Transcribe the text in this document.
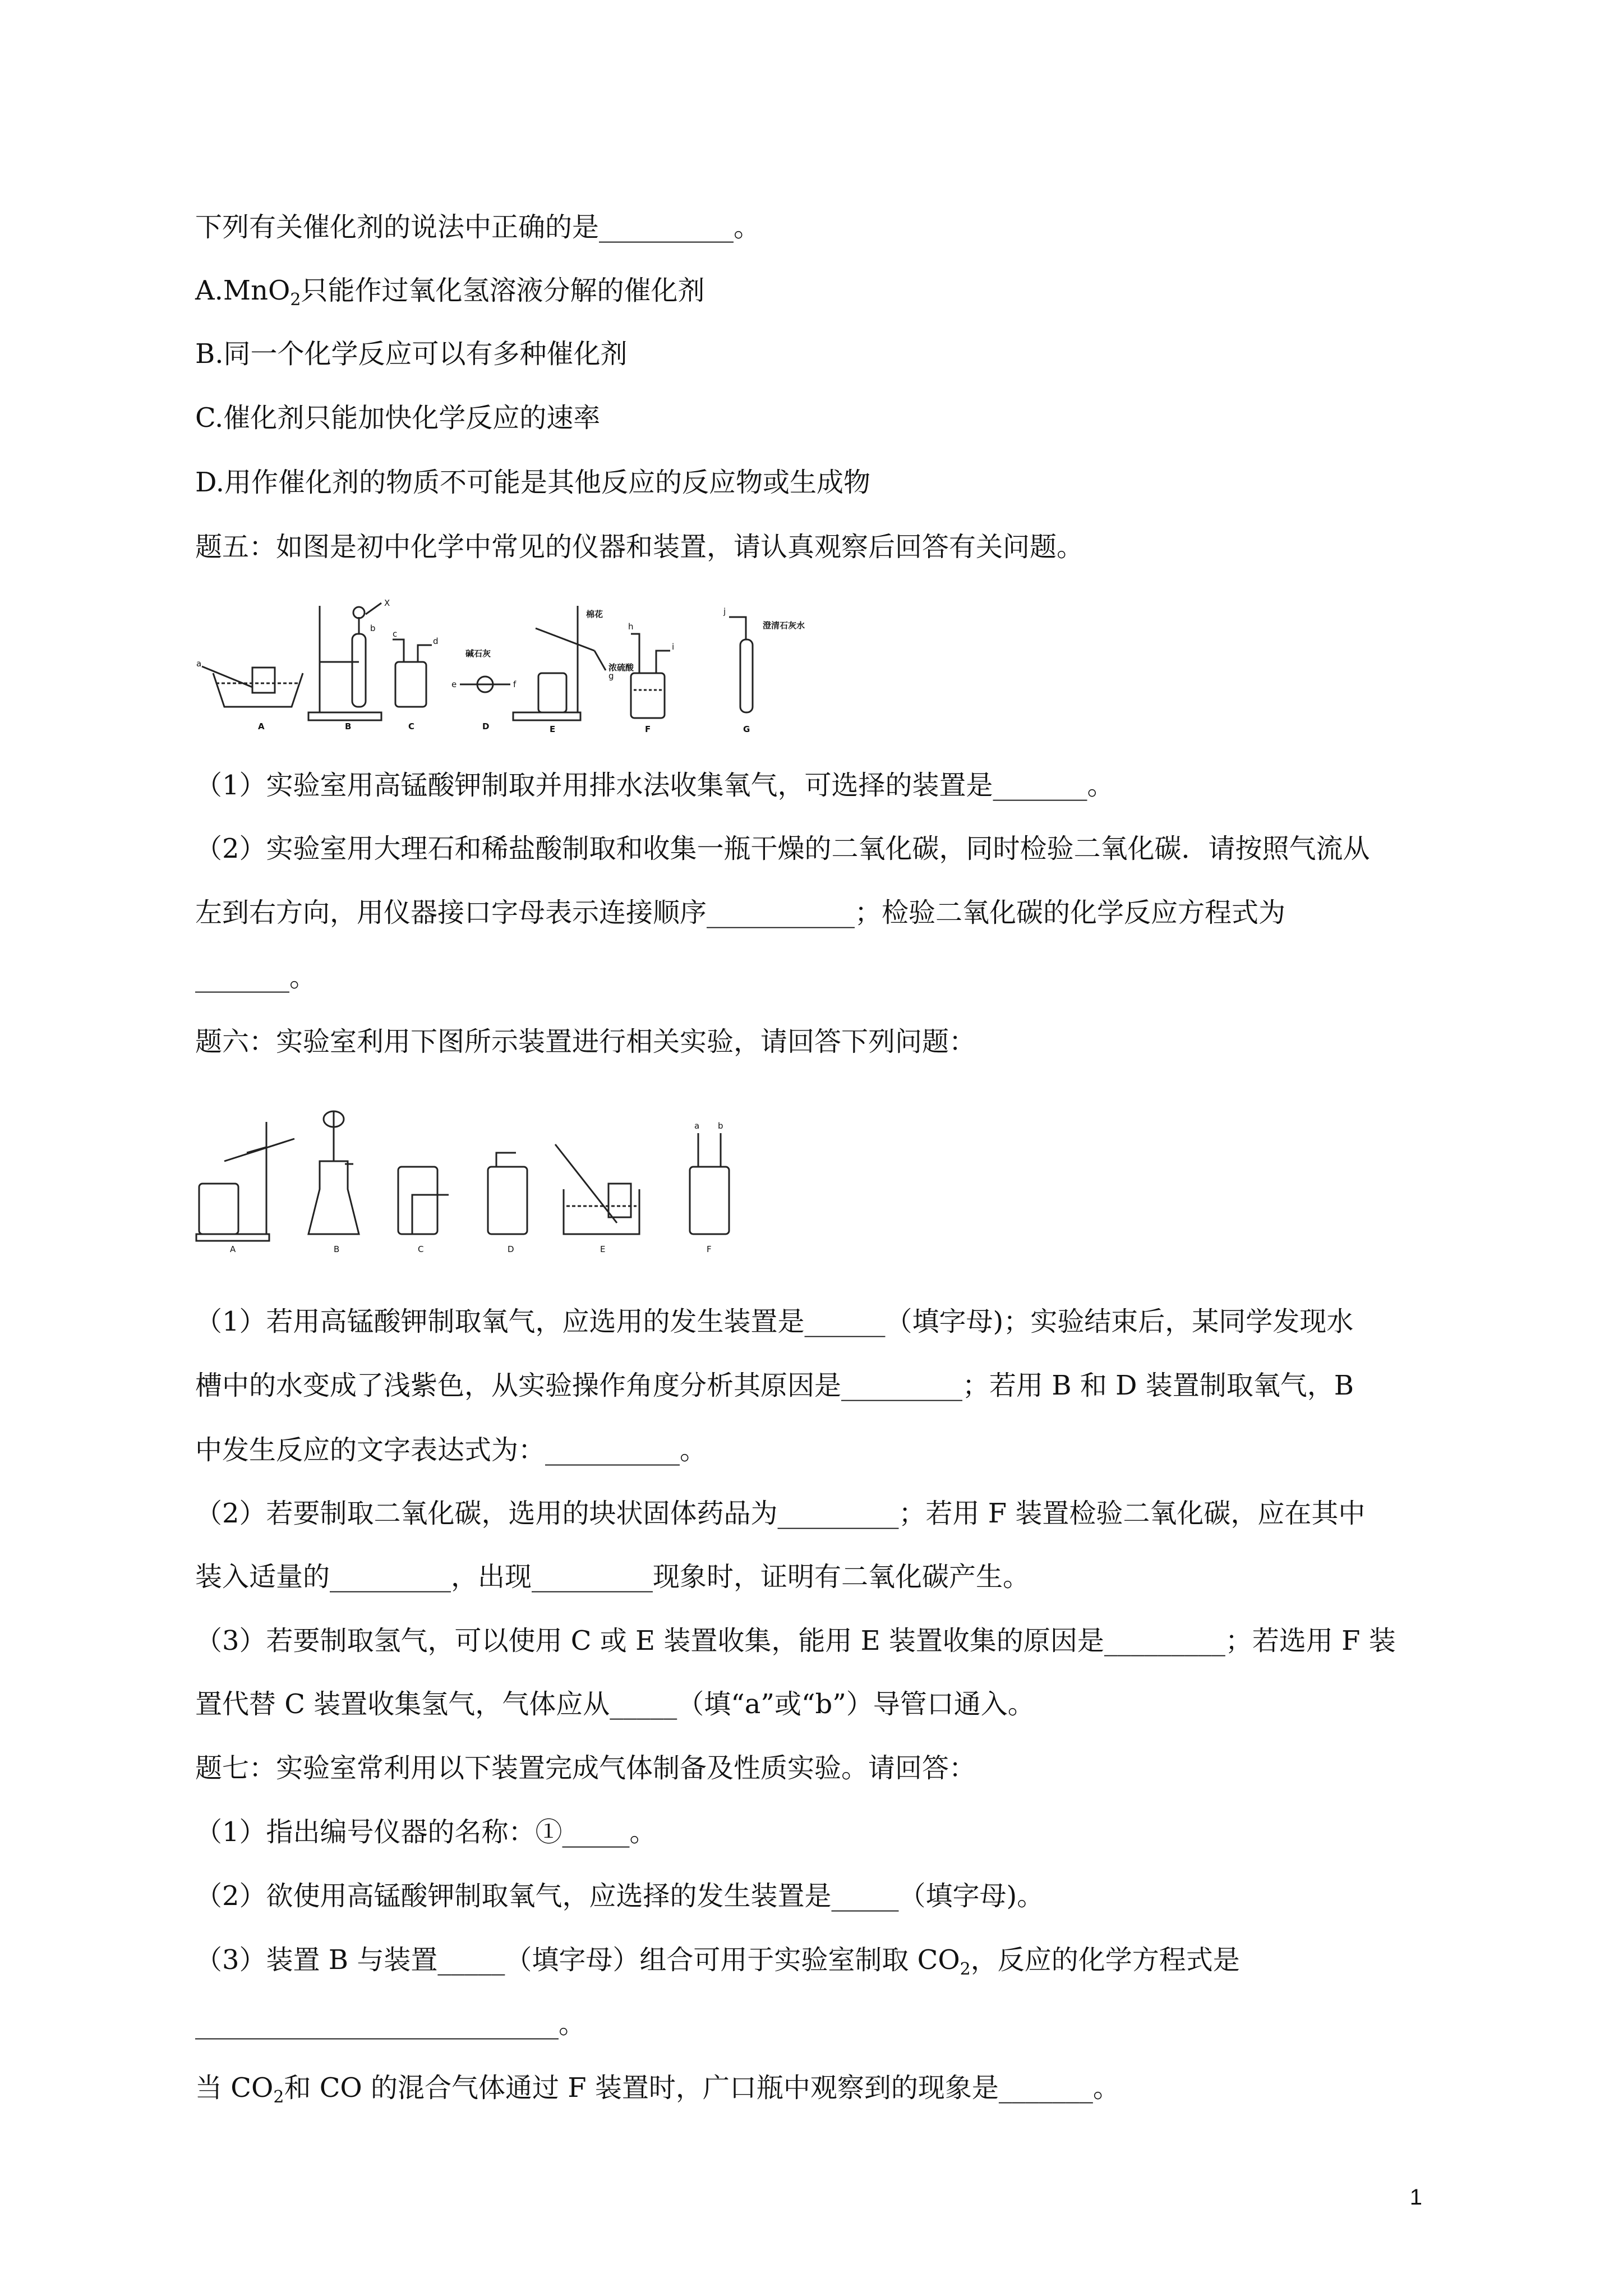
下列有关催化剂的说法中正确的是__________。
A.MnO$_2$只能作过氧化氢溶液分解的催化剂
B.同一个化学反应可以有多种催化剂
C.催化剂只能加快化学反应的速率
D.用作催化剂的物质不可能是其他反应的反应物或生成物
题五：如图是初中化学中常见的仪器和装置，请认真观察后回答有关问题。
A	B	C	D	E	F	G
a
b
X
c
d
e	f
g
h
i
j
碱石灰
棉花
浓硫酸
澄清石灰水
（1）实验室用高锰酸钾制取并用排水法收集氧气，可选择的装置是_______。
（2）实验室用大理石和稀盐酸制取和收集一瓶干燥的二氧化碳，同时检验二氧化碳．请按照气流从
左到右方向，用仪器接口字母表示连接顺序___________；检验二氧化碳的化学反应方程式为
_______。
题六：实验室利用下图所示装置进行相关实验，请回答下列问题：
A	B	C	D	E	F
a b
（1）若用高锰酸钾制取氧气，应选用的发生装置是______（填字母)；实验结束后，某同学发现水
槽中的水变成了浅紫色，从实验操作角度分析其原因是_________；若用 B 和 D 装置制取氧气，B
中发生反应的文字表达式为：__________。
（2）若要制取二氧化碳，选用的块状固体药品为_________；若用 F 装置检验二氧化碳，应在其中
装入适量的_________，出现_________现象时，证明有二氧化碳产生。
（3）若要制取氢气，可以使用 C 或 E 装置收集，能用 E 装置收集的原因是_________；若选用 F 装
置代替 C 装置收集氢气，气体应从_____（填“a”或“b”）导管口通入。
题七：实验室常利用以下装置完成气体制备及性质实验。请回答：
（1）指出编号仪器的名称：①_____。
（2）欲使用高锰酸钾制取氧气，应选择的发生装置是_____（填字母)。
（3）装置 B 与装置_____（填字母）组合可用于实验室制取 $CO_2$，反应的化学方程式是
___________________________。
当 $CO_2$和 CO 的混合气体通过 F 装置时，广口瓶中观察到的现象是_______。
1
